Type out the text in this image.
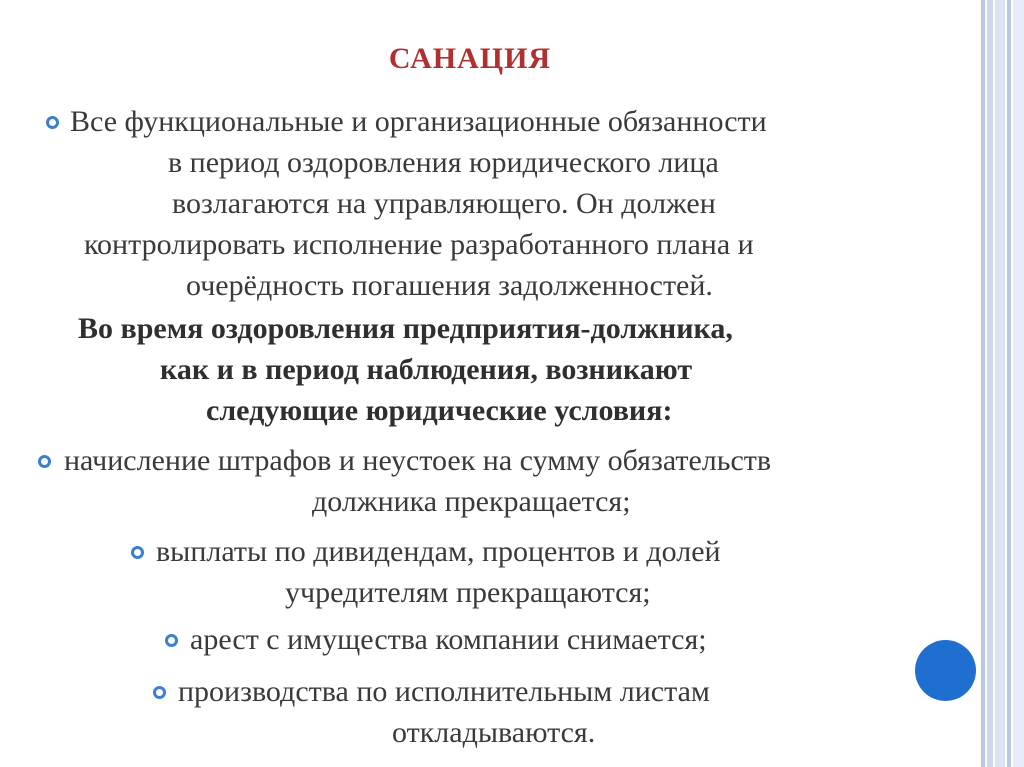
САНАЦИЯ
Все функциональные и организационные обязанности
в период оздоровления юридического лица
возлагаются на управляющего. Он должен
контролировать исполнение разработанного плана и
очерёдность погашения задолженностей.
Во время оздоровления предприятия-должника,
как и в период наблюдения, возникают
следующие юридические условия:
начисление штрафов и неустоек на сумму обязательств
должника прекращается;
выплаты по дивидендам, процентов и долей
учредителям прекращаются;
арест с имущества компании снимается;
производства по исполнительным листам
откладываются.
